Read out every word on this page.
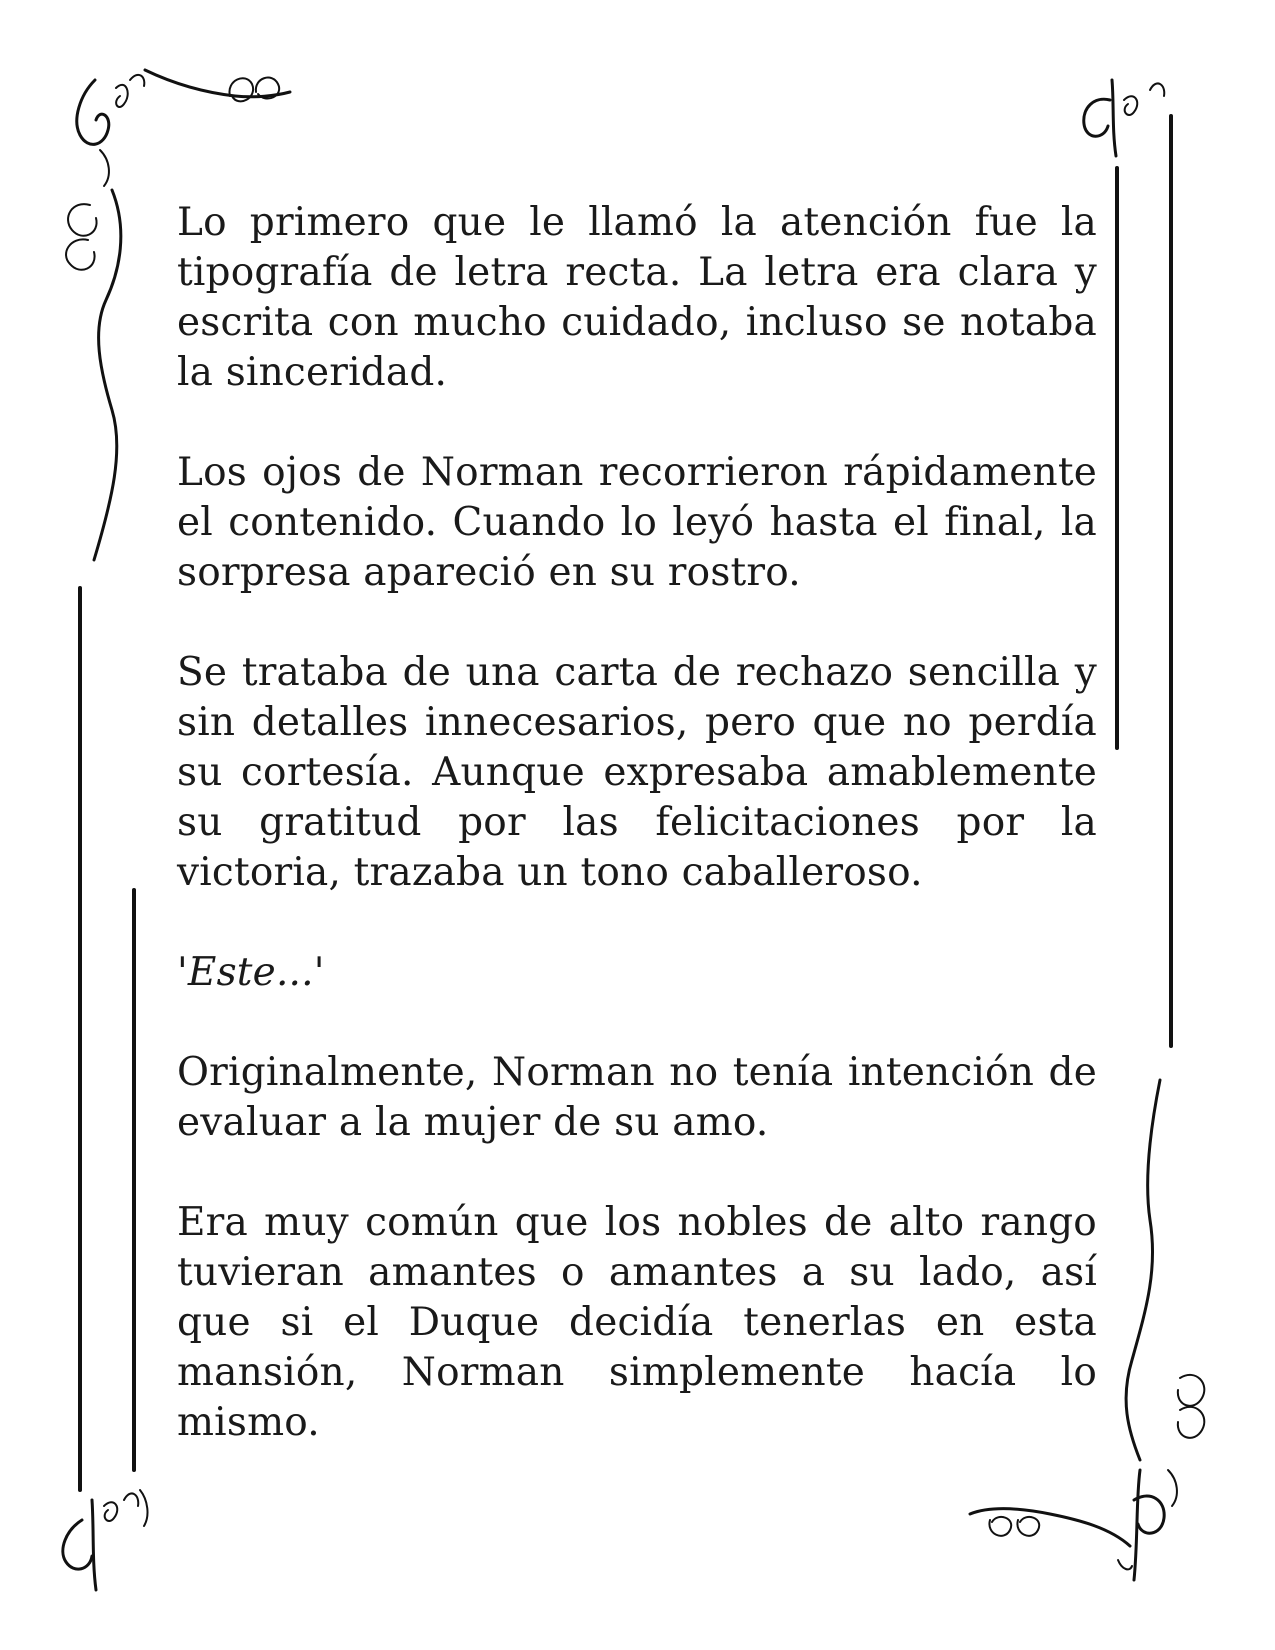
Lo primero que le llamó la atención fue la tipografía de letra recta. La letra era clara y escrita con mucho cuidado, incluso se notaba la sinceridad.

Los ojos de Norman recorrieron rápidamente el contenido. Cuando lo leyó hasta el final, la sorpresa apareció en su rostro.

Se trataba de una carta de rechazo sencilla y sin detalles innecesarios, pero que no perdía su cortesía. Aunque expresaba amablemente su gratitud por las felicitaciones por la victoria, trazaba un tono caballeroso.

'Este...'

Originalmente, Norman no tenía intención de evaluar a la mujer de su amo.

Era muy común que los nobles de alto rango tuvieran amantes o amantes a su lado, así que si el Duque decidía tenerlas en esta mansión, Norman simplemente hacía lo mismo.
